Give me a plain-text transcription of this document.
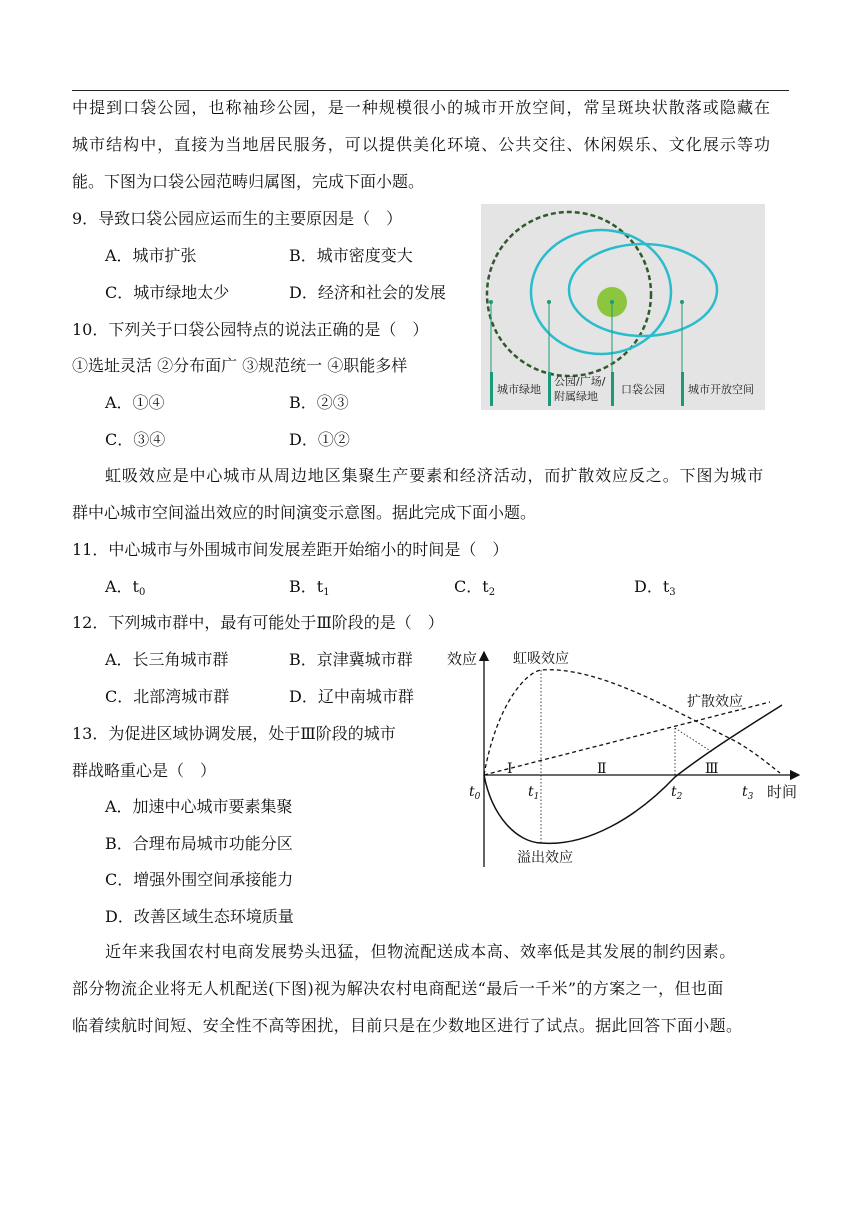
中提到口袋公园，也称袖珍公园，是一种规模很小的城市开放空间，常呈斑块状散落或隐藏在
城市结构中，直接为当地居民服务，可以提供美化环境、公共交往、休闲娱乐、文化展示等功
能。下图为口袋公园范畴归属图，完成下面小题。
9．导致口袋公园应运而生的主要原因是（　）
A．城市扩张	B．城市密度变大
C．城市绿地太少	D．经济和社会的发展
10．下列关于口袋公园特点的说法正确的是（　）
①选址灵活 ②分布面广 ③规范统一 ④职能多样
A．①④	B．②③
C．③④	D．①②
城市绿地
公园/广场/
附属绿地
口袋公园 城市开放空间
虹吸效应是中心城市从周边地区集聚生产要素和经济活动，而扩散效应反之。下图为城市
群中心城市空间溢出效应的时间演变示意图。据此完成下面小题。
11．中心城市与外围城市间发展差距开始缩小的时间是（　）
A．$t_0$	B．$t_1$	C．$t_2$	D．$t_3$
12．下列城市群中，最有可能处于Ⅲ阶段的是（　）
A．长三角城市群	B．京津冀城市群
C．北部湾城市群	D．辽中南城市群
13．为促进区域协调发展，处于Ⅲ阶段的城市
群战略重心是（　）
A．加速中心城市要素集聚
B．合理布局城市功能分区
C．增强外围空间承接能力
D．改善区域生态环境质量
效应
时间
虹吸效应
扩散效应
溢出效应
Ⅰ	Ⅱ	Ⅲ
$t_0$	$t_1$	$t_2$	$t_3$
近年来我国农村电商发展势头迅猛，但物流配送成本高、效率低是其发展的制约因素。
部分物流企业将无人机配送(下图)视为解决农村电商配送“最后一千米”的方案之一，但也面
临着续航时间短、安全性不高等困扰，目前只是在少数地区进行了试点。据此回答下面小题。
